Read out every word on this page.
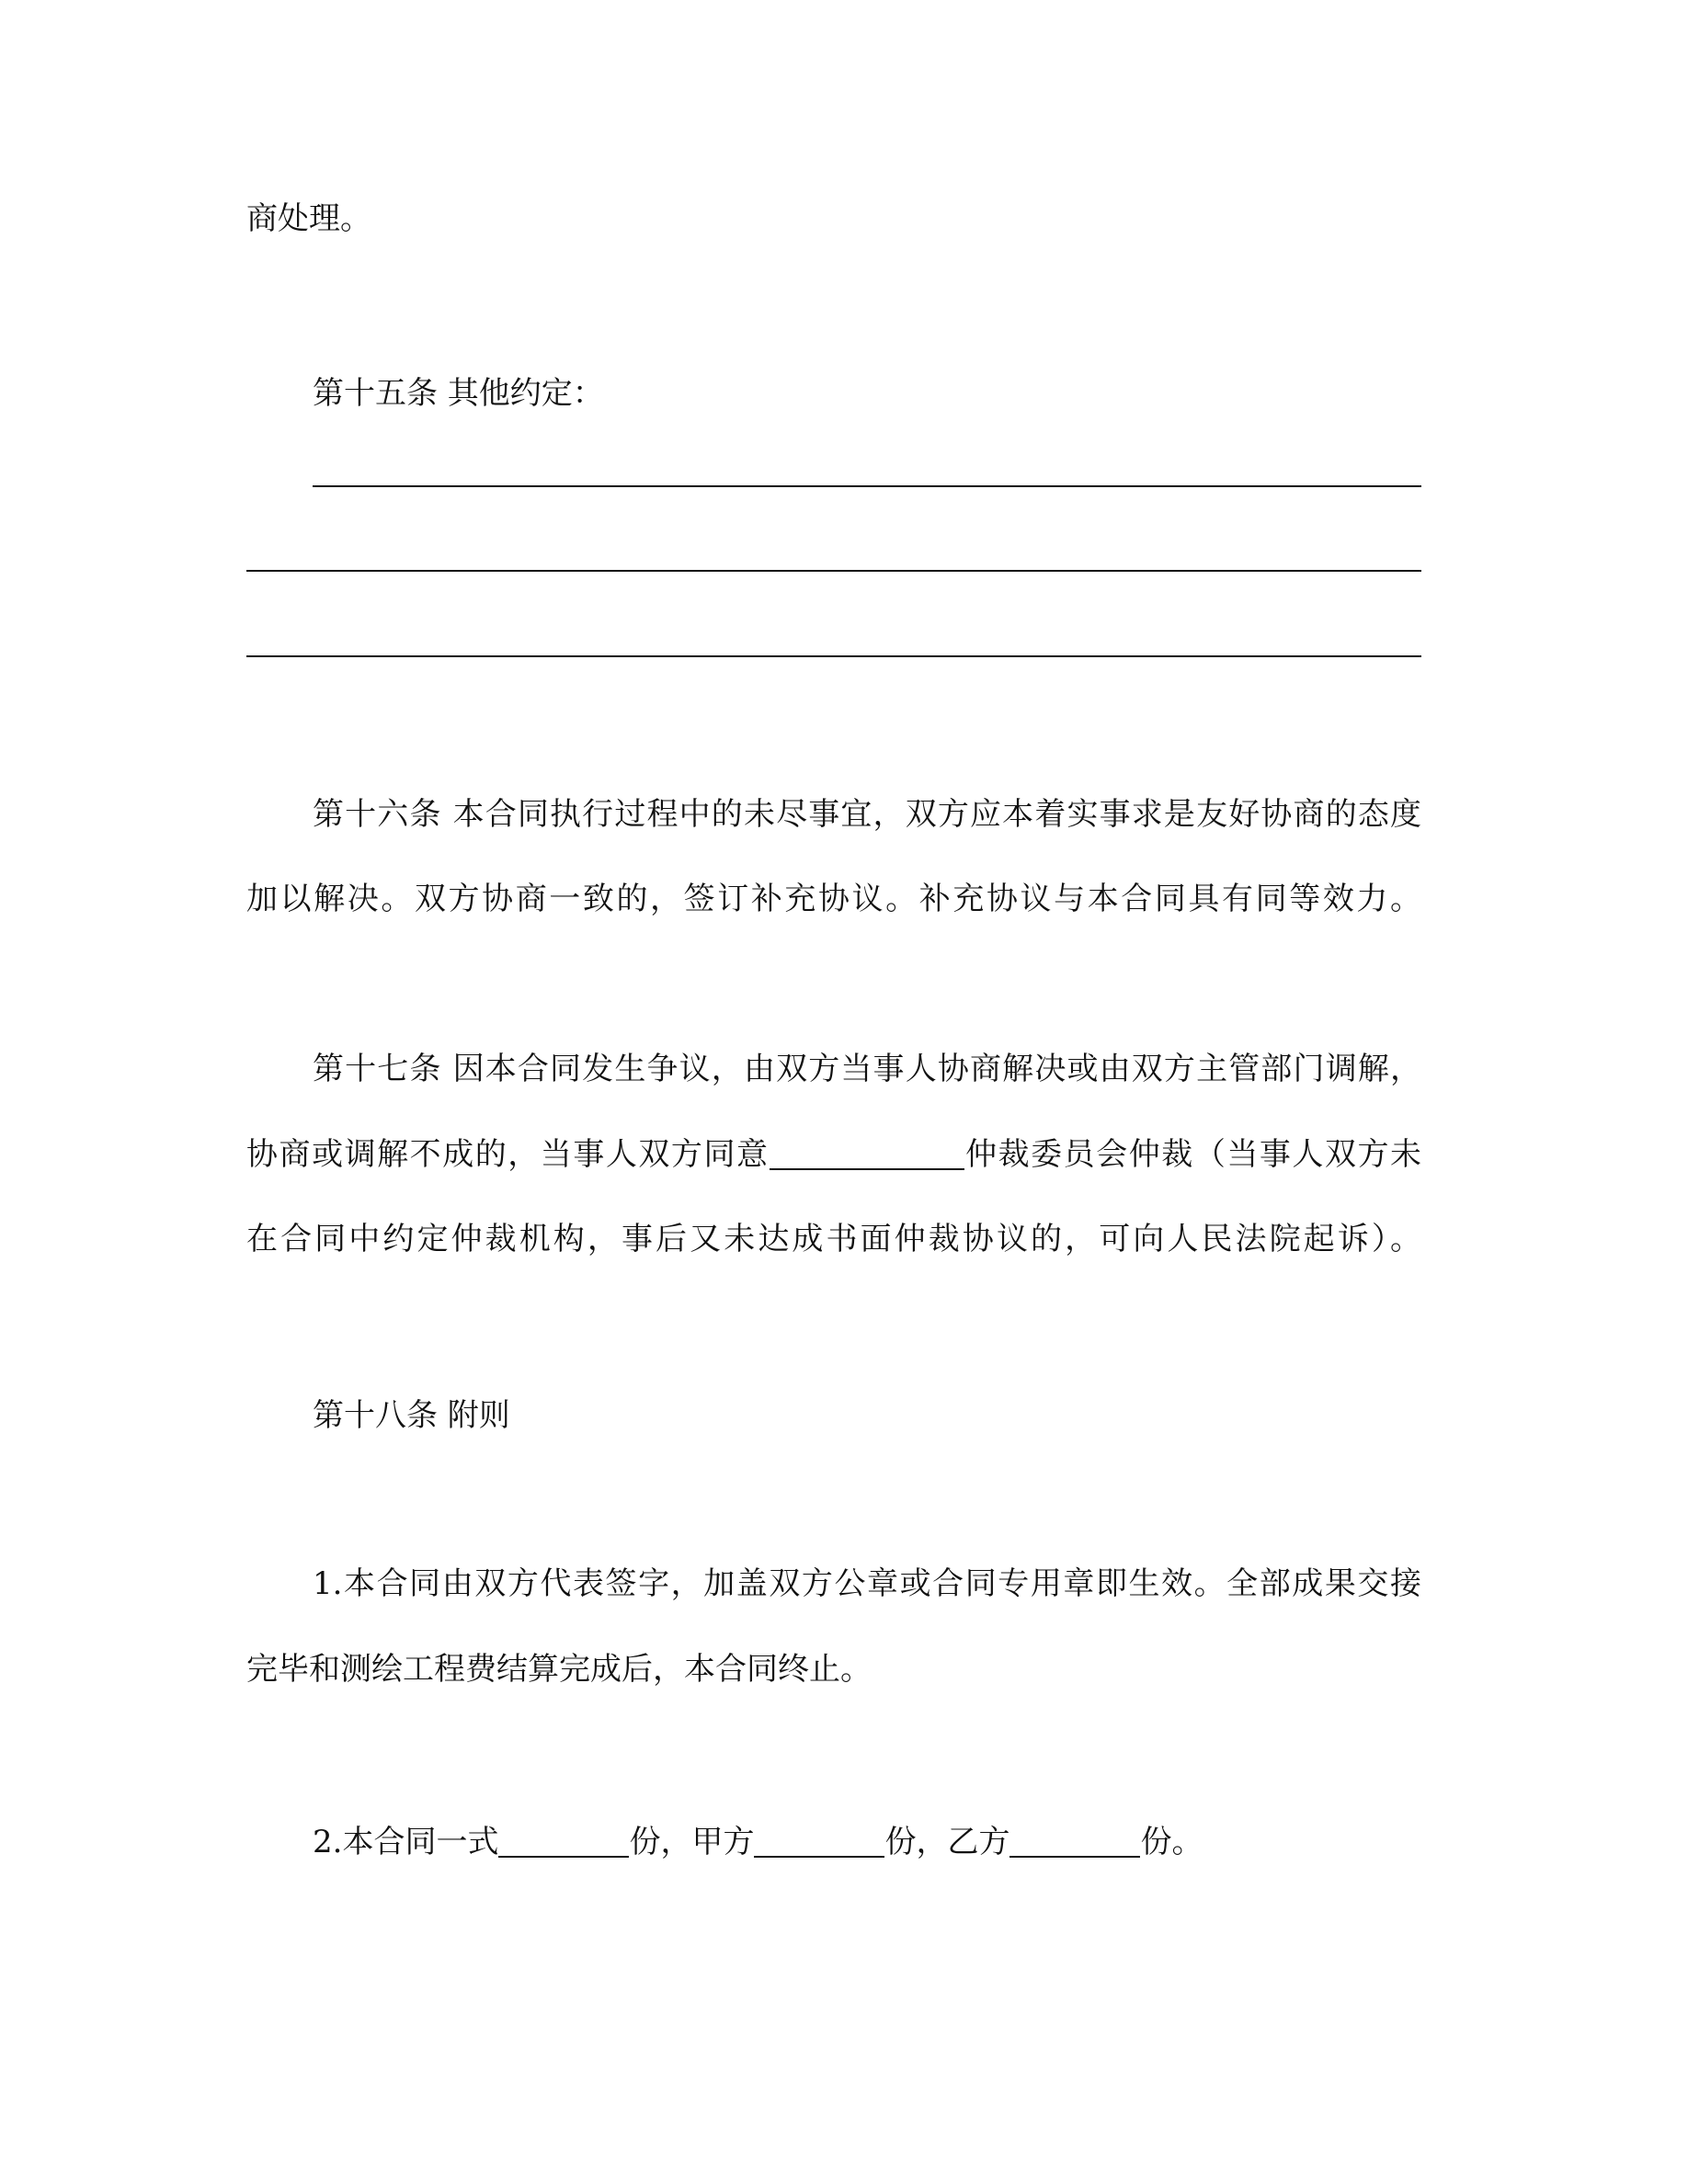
商处理。

第十五条 其他约定：

第十六条 本合同执行过程中的未尽事宜，双方应本着实事求是友好协商的态度

加以解决。双方协商一致的，签订补充协议。补充协议与本合同具有同等效力。

第十七条 因本合同发生争议，由双方当事人协商解决或由双方主管部门调解，

协商或调解不成的，当事人双方同意	仲裁委员会仲裁（当事人双方未

在合同中约定仲裁机构，事后又未达成书面仲裁协议的，可向人民法院起诉）。

第十八条 附则

1.本合同由双方代表签字，加盖双方公章或合同专用章即生效。全部成果交接

完毕和测绘工程费结算完成后，本合同终止。

2.本合同一式	份，甲方	份，乙方	份。
